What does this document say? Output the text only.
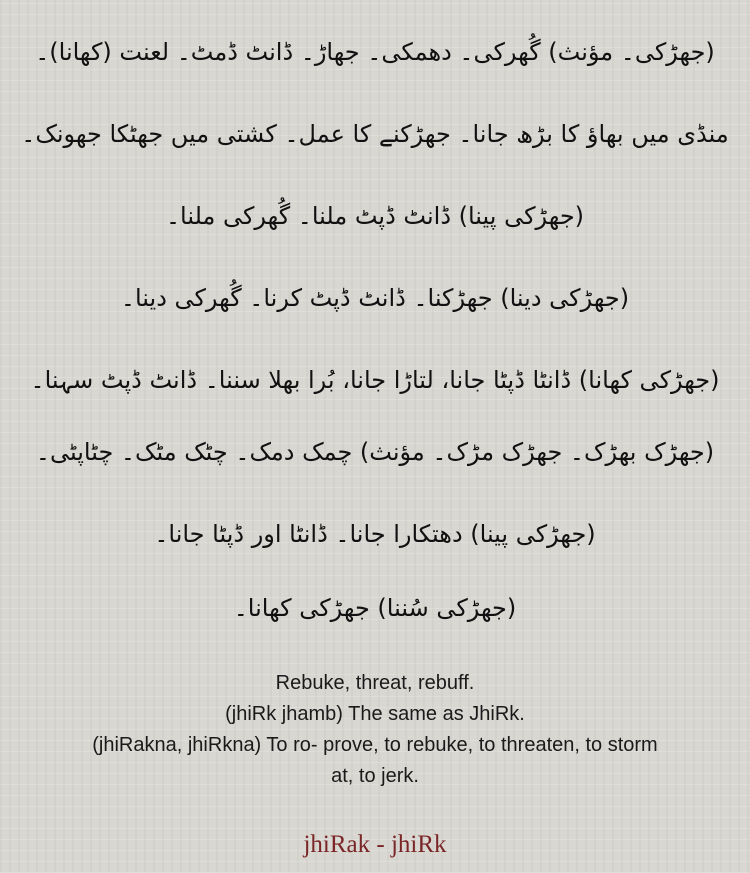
(جھڑکی۔ مؤنث) گُھرکی۔ دھمکی۔ جھاڑ۔ ڈانٹ ڈمٹ۔ لعنت (کھانا)۔
منڈی میں بھاؤ کا بڑھ جانا۔ جھڑکنے کا عمل۔ کشتی میں جھٹکا جھونک۔
(جھڑکی پینا) ڈانٹ ڈپٹ ملنا۔ گُھرکی ملنا۔
(جھڑکی دینا) جھڑکنا۔ ڈانٹ ڈپٹ کرنا۔ گُھرکی دینا۔
(جھڑکی کھانا) ڈانٹا ڈپٹا جانا، لتاڑا جانا، بُرا بھلا سننا۔ ڈانٹ ڈپٹ سہنا۔
(جھڑک بھڑک۔ جھڑک مڑک۔ مؤنث) چمک دمک۔ چٹک مٹک۔ چٹاپٹی۔
(جھڑکی پینا) دھتکارا جانا۔ ڈانٹا اور ڈپٹا جانا۔
(جھڑکی سُننا) جھڑکی کھانا۔
Rebuke, threat, rebuff.
(jhiRk jhamb) The same as JhiRk.
(jhiRakna, jhiRkna) To ro- prove, to rebuke, to threaten, to storm
at, to jerk.
jhiRak - jhiRk
